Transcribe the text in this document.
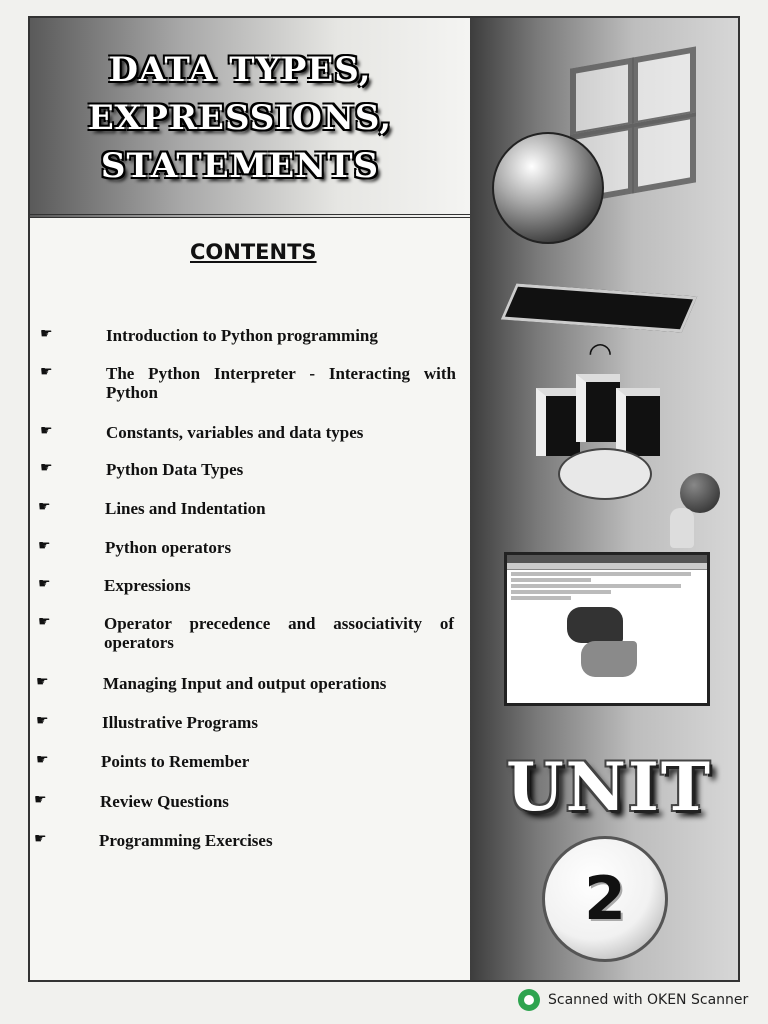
DATA TYPES,
EXPRESSIONS,
STATEMENTS
CONTENTS
☛	Introduction to Python programming
☛	The Python Interpreter - Interacting with Python
☛	Constants, variables and data types
☛	Python Data Types
☛	Lines and Indentation
☛	Python operators
☛	Expressions
☛	Operator precedence and associativity of operators
☛	Managing Input and output operations
☛	Illustrative Programs
☛	Points to Remember
☛	Review Questions
☛	Programming Exercises
◠
UNIT
2
Scanned with OKEN Scanner
